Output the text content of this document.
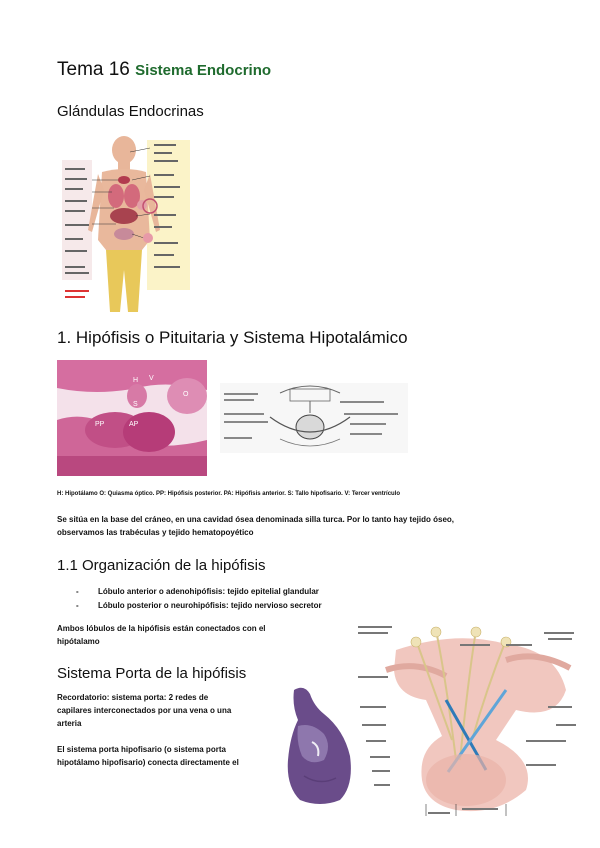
Tema 16 Sistema Endocrino
Glándulas Endocrinas
1. Hipófisis o Pituitaria y Sistema Hipotalámico
H V
S
O
PP	AP
H: Hipotálamo O: Quiasma óptico. PP: Hipófisis posterior. PA: Hipófisis anterior. S: Tallo hipofisario. V: Tercer ventrículo
Se sitúa en la base del cráneo, en una cavidad ósea denominada silla turca. Por lo tanto hay tejido óseo,
observamos las trabéculas y tejido hematopoyético
1.1 Organización de la hipófisis
- Lóbulo anterior o adenohipófisis: tejido epitelial glandular
- Lóbulo posterior o neurohipófisis: tejido nervioso secretor
Ambos lóbulos de la hipófisis están conectados con el
hipótalamo
Sistema Porta de la hipófisis
Recordatorio: sistema porta: 2 redes de
capilares interconectados por una vena o una
arteria
El sistema porta hipofisario (o sistema porta
hipotálamo hipofisario) conecta directamente el
